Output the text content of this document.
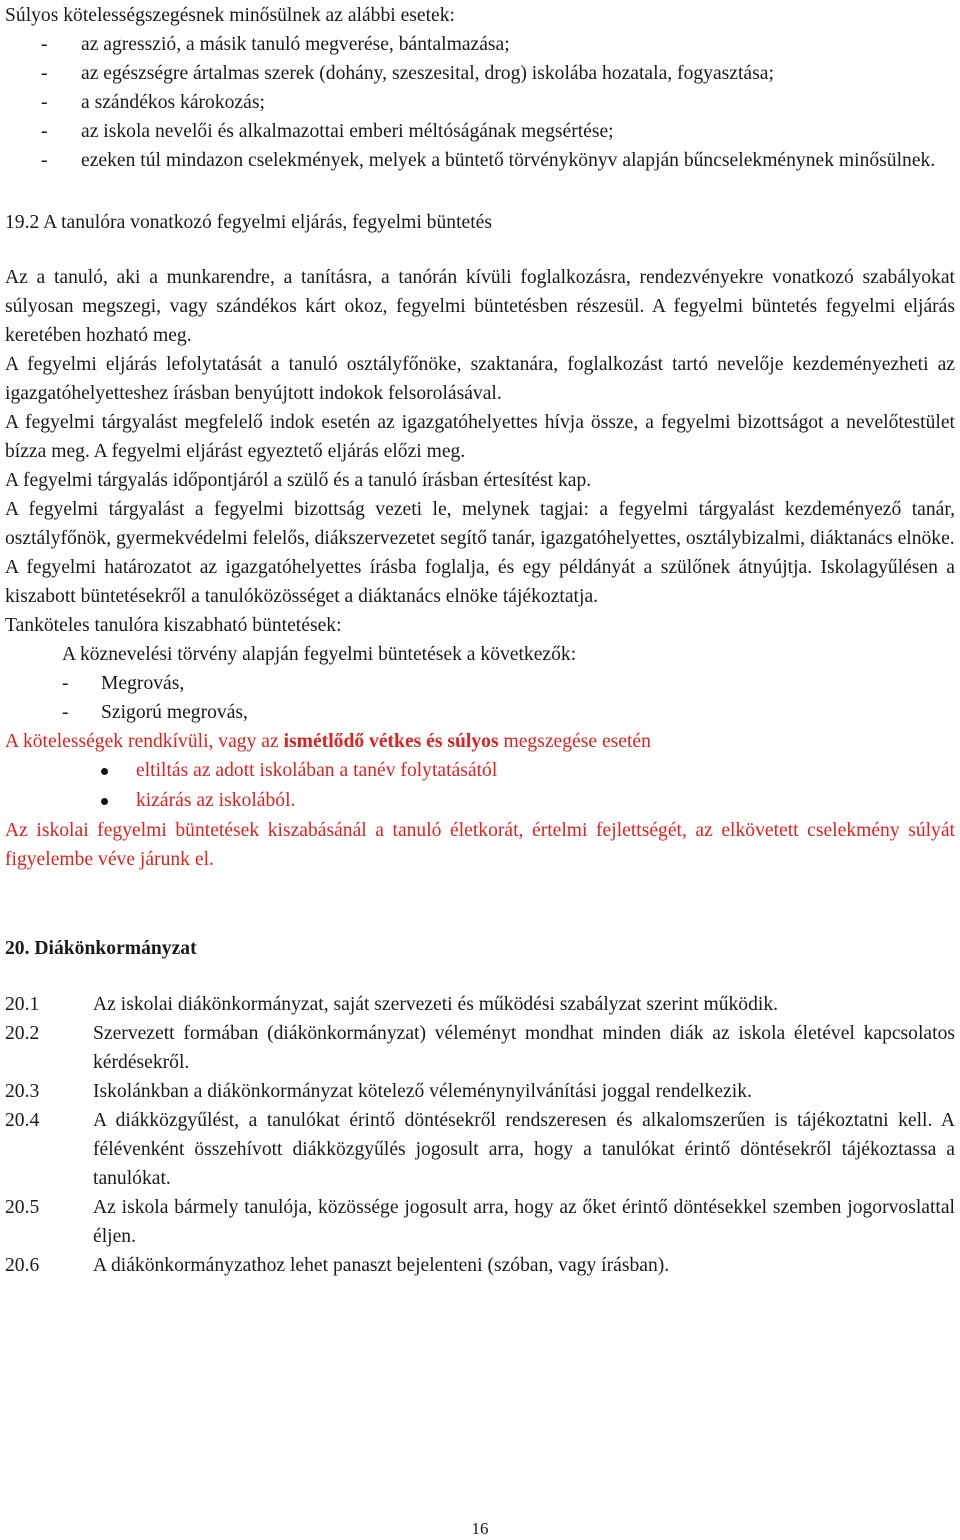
Súlyos kötelességszegésnek minősülnek az alábbi esetek:

- az agresszió, a másik tanuló megverése, bántalmazása;
- az egészségre ártalmas szerek (dohány, szeszesital, drog) iskolába hozatala, fogyasztása;
- a szándékos károkozás;
- az iskola nevelői és alkalmazottai emberi méltóságának megsértése;
- ezeken túl mindazon cselekmények, melyek a büntető törvénykönyv alapján bűncselekménynek minősülnek.

19.2 A tanulóra vonatkozó fegyelmi eljárás, fegyelmi büntetés

Az a tanuló, aki a munkarendre, a tanításra, a tanórán kívüli foglalkozásra, rendezvényekre vonatkozó szabályokat súlyosan megszegi, vagy szándékos kárt okoz, fegyelmi büntetésben részesül. A fegyelmi büntetés fegyelmi eljárás keretében hozható meg.

A fegyelmi eljárás lefolytatását a tanuló osztályfőnöke, szaktanára, foglalkozást tartó nevelője kezdeményezheti az igazgatóhelyetteshez írásban benyújtott indokok felsorolásával.

A fegyelmi tárgyalást megfelelő indok esetén az igazgatóhelyettes hívja össze, a fegyelmi bizottságot a nevelőtestület bízza meg. A fegyelmi eljárást egyeztető eljárás előzi meg.

A fegyelmi tárgyalás időpontjáról a szülő és a tanuló írásban értesítést kap.

A fegyelmi tárgyalást a fegyelmi bizottság vezeti le, melynek tagjai: a fegyelmi tárgyalást kezdeményező tanár, osztályfőnök, gyermekvédelmi felelős, diákszervezetet segítő tanár, igazgatóhelyettes, osztálybizalmi, diáktanács elnöke.

A fegyelmi határozatot az igazgatóhelyettes írásba foglalja, és egy példányát a szülőnek átnyújtja. Iskolagyűlésen a kiszabott büntetésekről a tanulóközösséget a diáktanács elnöke tájékoztatja.

Tanköteles tanulóra kiszabható büntetések:

A köznevelési törvény alapján fegyelmi büntetések a következők:

- Megrovás,
- Szigorú megrovás,

A kötelességek rendkívüli, vagy az ismétlődő vétkes és súlyos megszegése esetén

eltiltás az adott iskolában a tanév folytatásától
kizárás az iskolából.

Az iskolai fegyelmi büntetések kiszabásánál a tanuló életkorát, értelmi fejlettségét, az elkövetett cselekmény súlyát figyelembe véve járunk el.

20. Diákönkormányzat

20.1	Az iskolai diákönkormányzat, saját szervezeti és működési szabályzat szerint működik.
20.2	Szervezett formában (diákönkormányzat) véleményt mondhat minden diák az iskola életével kapcsolatos kérdésekről.
20.3	Iskolánkban a diákönkormányzat kötelező véleménynyilvánítási joggal rendelkezik.
20.4	A diákközgyűlést, a tanulókat érintő döntésekről rendszeresen és alkalomszerűen is tájékoztatni kell. A félévenként összehívott diákközgyűlés jogosult arra, hogy a tanulókat érintő döntésekről tájékoztassa a tanulókat.
20.5	Az iskola bármely tanulója, közössége jogosult arra, hogy az őket érintő döntésekkel szemben jogorvoslattal éljen.
20.6	A diákönkormányzathoz lehet panaszt bejelenteni (szóban, vagy írásban).
16
